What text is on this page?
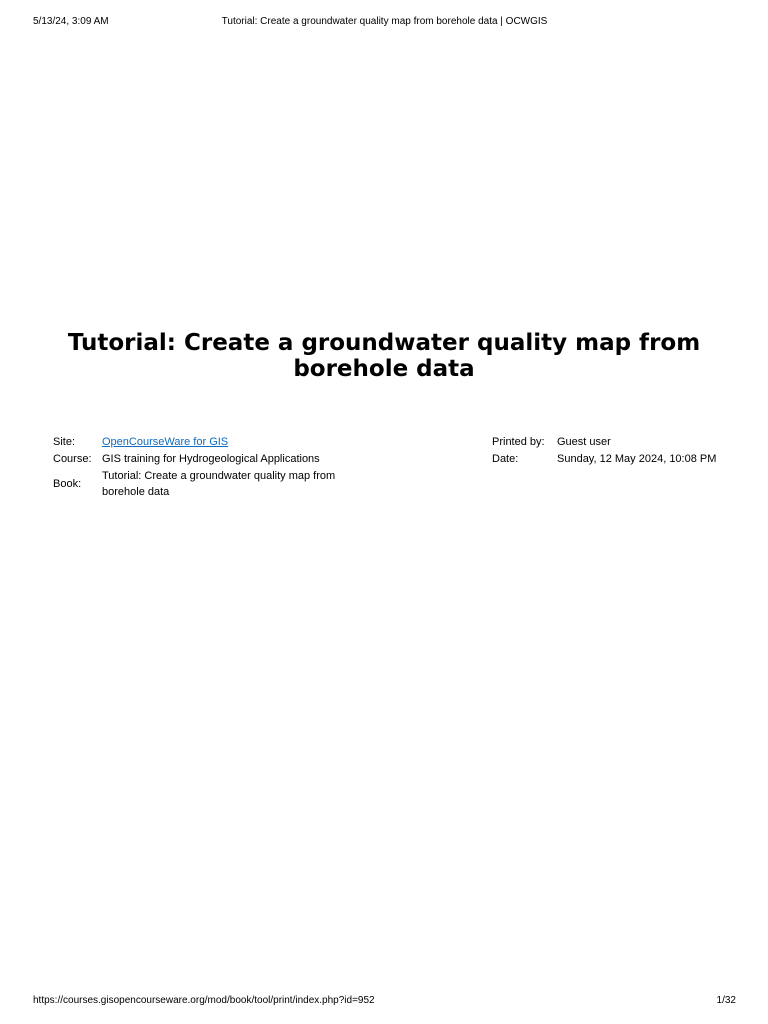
5/13/24, 3:09 AM	Tutorial: Create a groundwater quality map from borehole data | OCWGIS
Tutorial: Create a groundwater quality map from borehole data
Site:	OpenCourseWare for GIS
Course: GIS training for Hydrogeological Applications
Book:
Tutorial: Create a groundwater quality map from borehole data
Printed by:	Guest user
Date:	Sunday, 12 May 2024, 10:08 PM
https://courses.gisopencourseware.org/mod/book/tool/print/index.php?id=952	1/32
